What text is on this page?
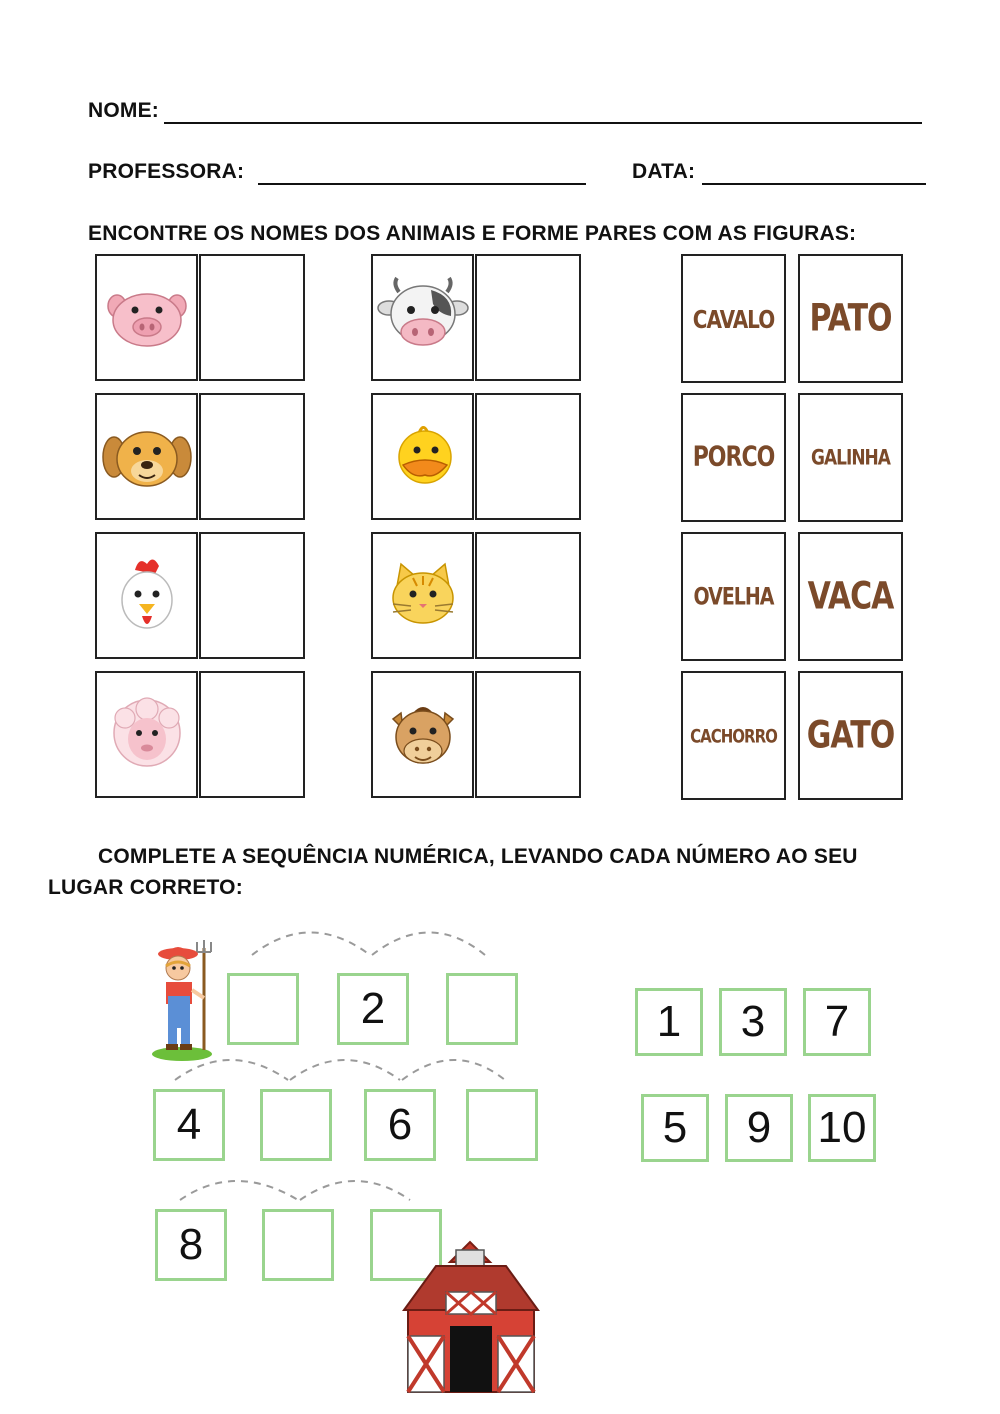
NOME:
PROFESSORA:	DATA:
ENCONTRE OS NOMES DOS ANIMAIS E FORME PARES COM AS FIGURAS:
CAVALO PATO
PORCO GALINHA
OVELHA VACA
CACHORRO GATO
COMPLETE A SEQUÊNCIA NUMÉRICA, LEVANDO CADA NÚMERO AO SEU
LUGAR CORRETO:
2
4	6
8
1	3	7
5	9	10
